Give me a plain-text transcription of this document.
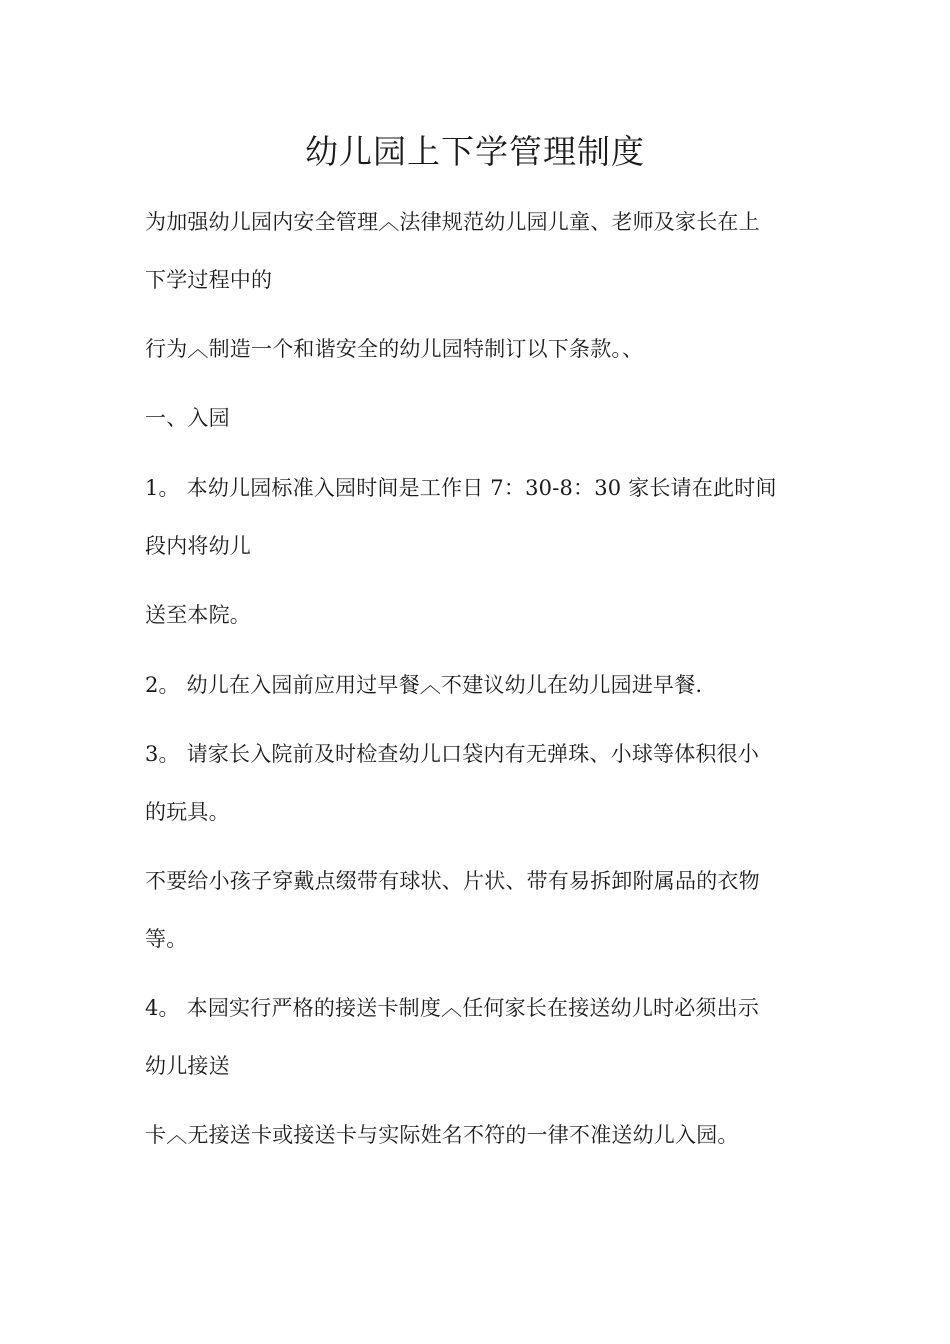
幼儿园上下学管理制度

为加强幼儿园内安全管理︿法律规范幼儿园儿童、老师及家长在上

下学过程中的

行为︿制造一个和谐安全的幼儿园特制订以下条款。、

一、入园

1。 本幼儿园标准入园时间是工作日 7：30-8：30 家长请在此时间

段内将幼儿

送至本院。

2。 幼儿在入园前应用过早餐︿不建议幼儿在幼儿园进早餐.

3。 请家长入院前及时检查幼儿口袋内有无弹珠、小球等体积很小

的玩具。

不要给小孩子穿戴点缀带有球状、片状、带有易拆卸附属品的衣物

等。

4。 本园实行严格的接送卡制度︿任何家长在接送幼儿时必须出示

幼儿接送

卡︿无接送卡或接送卡与实际姓名不符的一律不准送幼儿入园。
